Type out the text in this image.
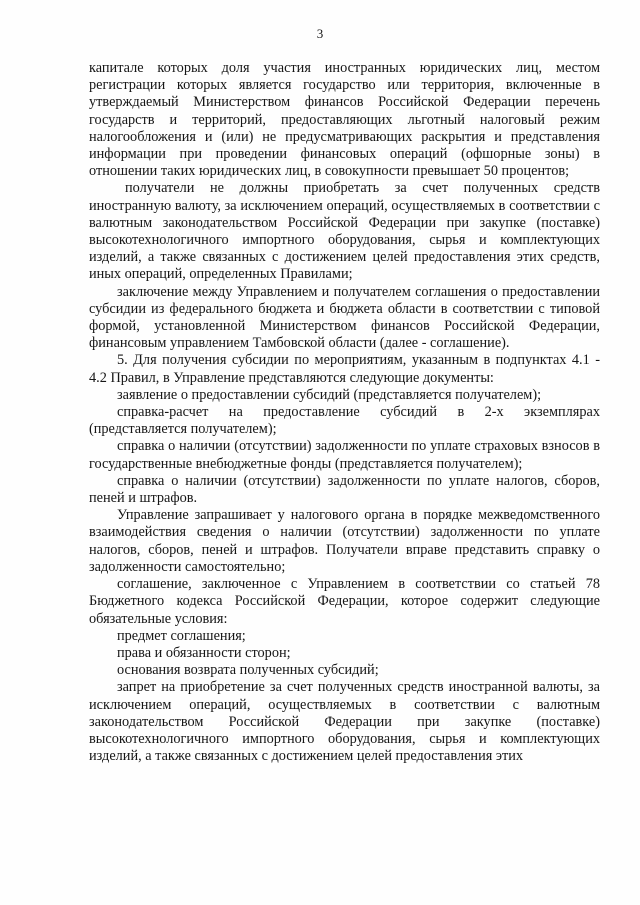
3

капитале которых доля участия иностранных юридических лиц, местом регистрации которых является государство или территория, включенные в утверждаемый Министерством финансов Российской Федерации перечень государств и территорий, предоставляющих льготный налоговый режим налогообложения и (или) не предусматривающих раскрытия и представления информации при проведении финансовых операций (офшорные зоны) в отношении таких юридических лиц, в совокупности превышает 50 процентов;

получатели не должны приобретать за счет полученных средств иностранную валюту, за исключением операций, осуществляемых в соответствии с валютным законодательством Российской Федерации при закупке (поставке) высокотехнологичного импортного оборудования, сырья и комплектующих изделий, а также связанных с достижением целей предоставления этих средств, иных операций, определенных Правилами;

заключение между Управлением и получателем соглашения о предоставлении субсидии из федерального бюджета и бюджета области в соответствии с типовой формой, установленной Министерством финансов Российской Федерации, финансовым управлением Тамбовской области (далее - соглашение).

5. Для получения субсидии по мероприятиям, указанным в подпунктах 4.1 - 4.2 Правил, в Управление представляются следующие документы:

заявление о предоставлении субсидий (представляется получателем);

справка-расчет на предоставление субсидий в 2-х экземплярах (представляется получателем);

справка о наличии (отсутствии) задолженности по уплате страховых взносов в государственные внебюджетные фонды (представляется получателем);

справка о наличии (отсутствии) задолженности по уплате налогов, сборов, пеней и штрафов.

Управление запрашивает у налогового органа в порядке межведомственного взаимодействия сведения о наличии (отсутствии) задолженности по уплате налогов, сборов, пеней и штрафов. Получатели вправе представить справку о задолженности самостоятельно;

соглашение, заключенное с Управлением в соответствии со статьей 78 Бюджетного кодекса Российской Федерации, которое содержит следующие обязательные условия:

предмет соглашения;

права и обязанности сторон;

основания возврата полученных субсидий;

запрет на приобретение за счет полученных средств иностранной валюты, за исключением операций, осуществляемых в соответствии с валютным законодательством Российской Федерации при закупке (поставке) высокотехнологичного импортного оборудования, сырья и комплектующих изделий, а также связанных с достижением целей предоставления этих
